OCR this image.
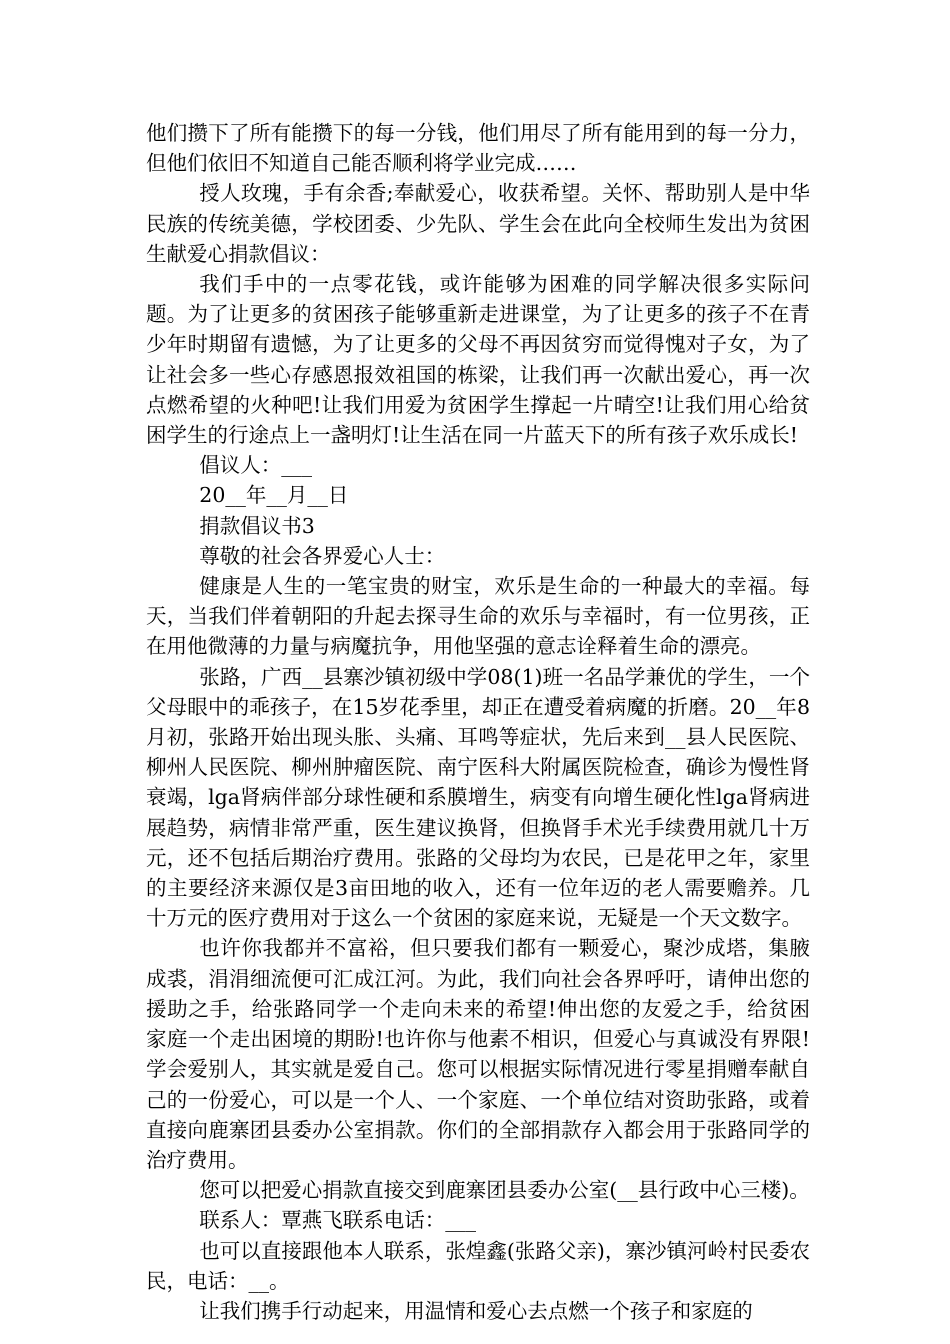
他们攒下了所有能攒下的每一分钱，他们用尽了所有能用到的每一分力，但他们依旧不知道自己能否顺利将学业完成……

授人玫瑰，手有余香;奉献爱心，收获希望。关怀、帮助别人是中华民族的传统美德，学校团委、少先队、学生会在此向全校师生发出为贫困生献爱心捐款倡议：

我们手中的一点零花钱，或许能够为困难的同学解决很多实际问题。为了让更多的贫困孩子能够重新走进课堂，为了让更多的孩子不在青少年时期留有遗憾，为了让更多的父母不再因贫穷而觉得愧对子女，为了让社会多一些心存感恩报效祖国的栋梁，让我们再一次献出爱心，再一次点燃希望的火种吧!让我们用爱为贫困学生撑起一片晴空!让我们用心给贫困学生的行途点上一盏明灯!让生活在同一片蓝天下的所有孩子欢乐成长!

倡议人：___

20__年__月__日

捐款倡议书3

尊敬的社会各界爱心人士：

健康是人生的一笔宝贵的财宝，欢乐是生命的一种最大的幸福。每天，当我们伴着朝阳的升起去探寻生命的欢乐与幸福时，有一位男孩，正在用他微薄的力量与病魔抗争，用他坚强的意志诠释着生命的漂亮。

张路，广西__县寨沙镇初级中学08(1)班一名品学兼优的学生，一个父母眼中的乖孩子，在15岁花季里，却正在遭受着病魔的折磨。20__年8月初，张路开始出现头胀、头痛、耳鸣等症状，先后来到__县人民医院、柳州人民医院、柳州肿瘤医院、南宁医科大附属医院检查，确诊为慢性肾衰竭，lga肾病伴部分球性硬和系膜增生，病变有向增生硬化性lga肾病进展趋势，病情非常严重，医生建议换肾，但换肾手术光手续费用就几十万元，还不包括后期治疗费用。张路的父母均为农民，已是花甲之年，家里的主要经济来源仅是3亩田地的收入，还有一位年迈的老人需要赡养。几十万元的医疗费用对于这么一个贫困的家庭来说，无疑是一个天文数字。

也许你我都并不富裕，但只要我们都有一颗爱心，聚沙成塔，集腋成裘，涓涓细流便可汇成江河。为此，我们向社会各界呼吁，请伸出您的援助之手，给张路同学一个走向未来的希望!伸出您的友爱之手，给贫困家庭一个走出困境的期盼!也许你与他素不相识，但爱心与真诚没有界限!学会爱别人，其实就是爱自己。您可以根据实际情况进行零星捐赠奉献自己的一份爱心，可以是一个人、一个家庭、一个单位结对资助张路，或着直接向鹿寨团县委办公室捐款。你们的全部捐款存入都会用于张路同学的治疗费用。

您可以把爱心捐款直接交到鹿寨团县委办公室(__县行政中心三楼)。

联系人：覃燕飞联系电话：___

也可以直接跟他本人联系，张煌鑫(张路父亲)，寨沙镇河岭村民委农民，电话：__。

让我们携手行动起来，用温情和爱心去点燃一个孩子和家庭的
